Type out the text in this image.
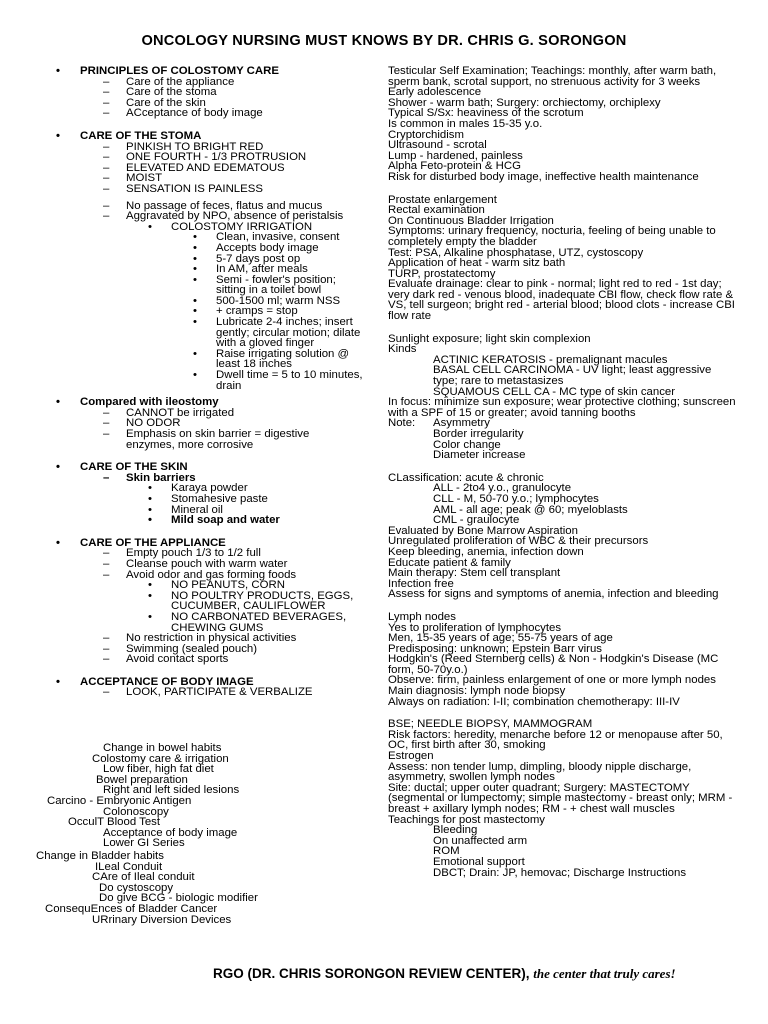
ONCOLOGY NURSING MUST KNOWS BY DR. CHRIS G. SORONGON
• PRINCIPLES OF COLOSTOMY CARE
– Care of the appliance
– Care of the stoma
– Care of the skin
– ACceptance of body image
• CARE OF THE STOMA
– PINKISH TO BRIGHT RED
– ONE FOURTH - 1/3 PROTRUSION
– ELEVATED AND EDEMATOUS
– MOIST
– SENSATION IS PAINLESS
– No passage of feces, flatus and mucus
– Aggravated by NPO, absence of peristalsis
• COLOSTOMY IRRIGATION
• Clean, invasive, consent
• Accepts body image
• 5-7 days post op
• In AM, after meals
• Semi - fowler's position; sitting in a toilet bowl
• 500-1500 ml; warm NSS
• + cramps = stop
• Lubricate 2-4 inches; insert gently; circular motion; dilate with a gloved finger
• Raise irrigating solution @ least 18 inches
• Dwell time = 5 to 10 minutes, drain
• Compared with ileostomy
– CANNOT be irrigated
– NO ODOR
– Emphasis on skin barrier = digestive enzymes, more corrosive
• CARE OF THE SKIN
– Skin barriers
• Karaya powder
• Stomahesive paste
• Mineral oil
• Mild soap and water
• CARE OF THE APPLIANCE
– Empty pouch 1/3 to 1/2 full
– Cleanse pouch with warm water
– Avoid odor and gas forming foods
• NO PEANUTS, CORN
• NO POULTRY PRODUCTS, EGGS, CUCUMBER, CAULIFLOWER
• NO CARBONATED BEVERAGES, CHEWING GUMS
– No restriction in physical activities
– Swimming (sealed pouch)
– Avoid contact sports
• ACCEPTANCE OF BODY IMAGE
– LOOK, PARTICIPATE & VERBALIZE
Change in bowel habits
Colostomy care & irrigation
Low fiber, high fat diet
Bowel preparation
Right and left sided lesions
Carcino - Embryonic Antigen
Colonoscopy
OcculT Blood Test
Acceptance of body image
Lower GI Series
Change in Bladder habits
ILeal Conduit
CAre of Ileal conduit
Do cystoscopy
Do give BCG - biologic modifier
ConsequEnces of Bladder Cancer
URrinary Diversion Devices
Testicular Self Examination; Teachings: monthly, after warm bath, sperm bank, scrotal support, no strenuous activity for 3 weeks
Early adolescence
Shower - warm bath; Surgery: orchiectomy, orchiplexy
Typical S/Sx: heaviness of the scrotum
Is common in males 15-35 y.o.
Cryptorchidism
Ultrasound - scrotal
Lump - hardened, painless
Alpha Feto-protein & HCG
Risk for disturbed body image, ineffective health maintenance
Prostate enlargement
Rectal examination
On Continuous Bladder Irrigation
Symptoms: urinary frequency, nocturia, feeling of being unable to completely empty the bladder
Test: PSA, Alkaline phosphatase, UTZ, cystoscopy
Application of heat - warm sitz bath
TURP, prostatectomy
Evaluate drainage: clear to pink - normal; light red to red - 1st day; very dark red - venous blood, inadequate CBI flow, check flow rate & VS, tell surgeon; bright red - arterial blood; blood clots - increase CBI flow rate
Sunlight exposure; light skin complexion
Kinds
ACTINIC KERATOSIS - premalignant macules
BASAL CELL CARCINOMA - UV light; least aggressive type; rare to metastasizes
SQUAMOUS CELL CA - MC type of skin cancer
In focus: minimize sun exposure; wear protective clothing; sunscreen with a SPF of 15 or greater; avoid tanning booths
Note: Asymmetry
Border irregularity
Color change
Diameter increase
CLassification: acute & chronic
ALL - 2to4 y.o., granulocyte
CLL - M, 50-70 y.o.; lymphocytes
AML - all age; peak @ 60; myeloblasts
CML - graulocyte
Evaluated by Bone Marrow Aspiration
Unregulated proliferation of WBC & their precursors
Keep bleeding, anemia, infection down
Educate patient & family
Main therapy: Stem cell transplant
Infection free
Assess for signs and symptoms of anemia, infection and bleeding
Lymph nodes
Yes to proliferation of lymphocytes
Men, 15-35 years of age; 55-75 years of age
Predisposing: unknown; Epstein Barr virus
Hodgkin's (Reed Sternberg cells) & Non - Hodgkin's Disease (MC form, 50-70y.o.)
Observe: firm, painless enlargement of one or more lymph nodes
Main diagnosis: lymph node biopsy
Always on radiation: I-II; combination chemotherapy: III-IV
BSE; NEEDLE BIOPSY, MAMMOGRAM
Risk factors: heredity, menarche before 12 or menopause after 50, OC, first birth after 30, smoking
Estrogen
Assess: non tender lump, dimpling, bloody nipple discharge, asymmetry, swollen lymph nodes
Site: ductal; upper outer quadrant; Surgery: MASTECTOMY (segmental or lumpectomy; simple mastectomy - breast only; MRM - breast + axillary lymph nodes; RM - + chest wall muscles
Teachings for post mastectomy
Bleeding
On unaffected arm
ROM
Emotional support
DBCT; Drain: JP, hemovac; Discharge Instructions
RGO (DR. CHRIS SORONGON REVIEW CENTER), the center that truly cares!
